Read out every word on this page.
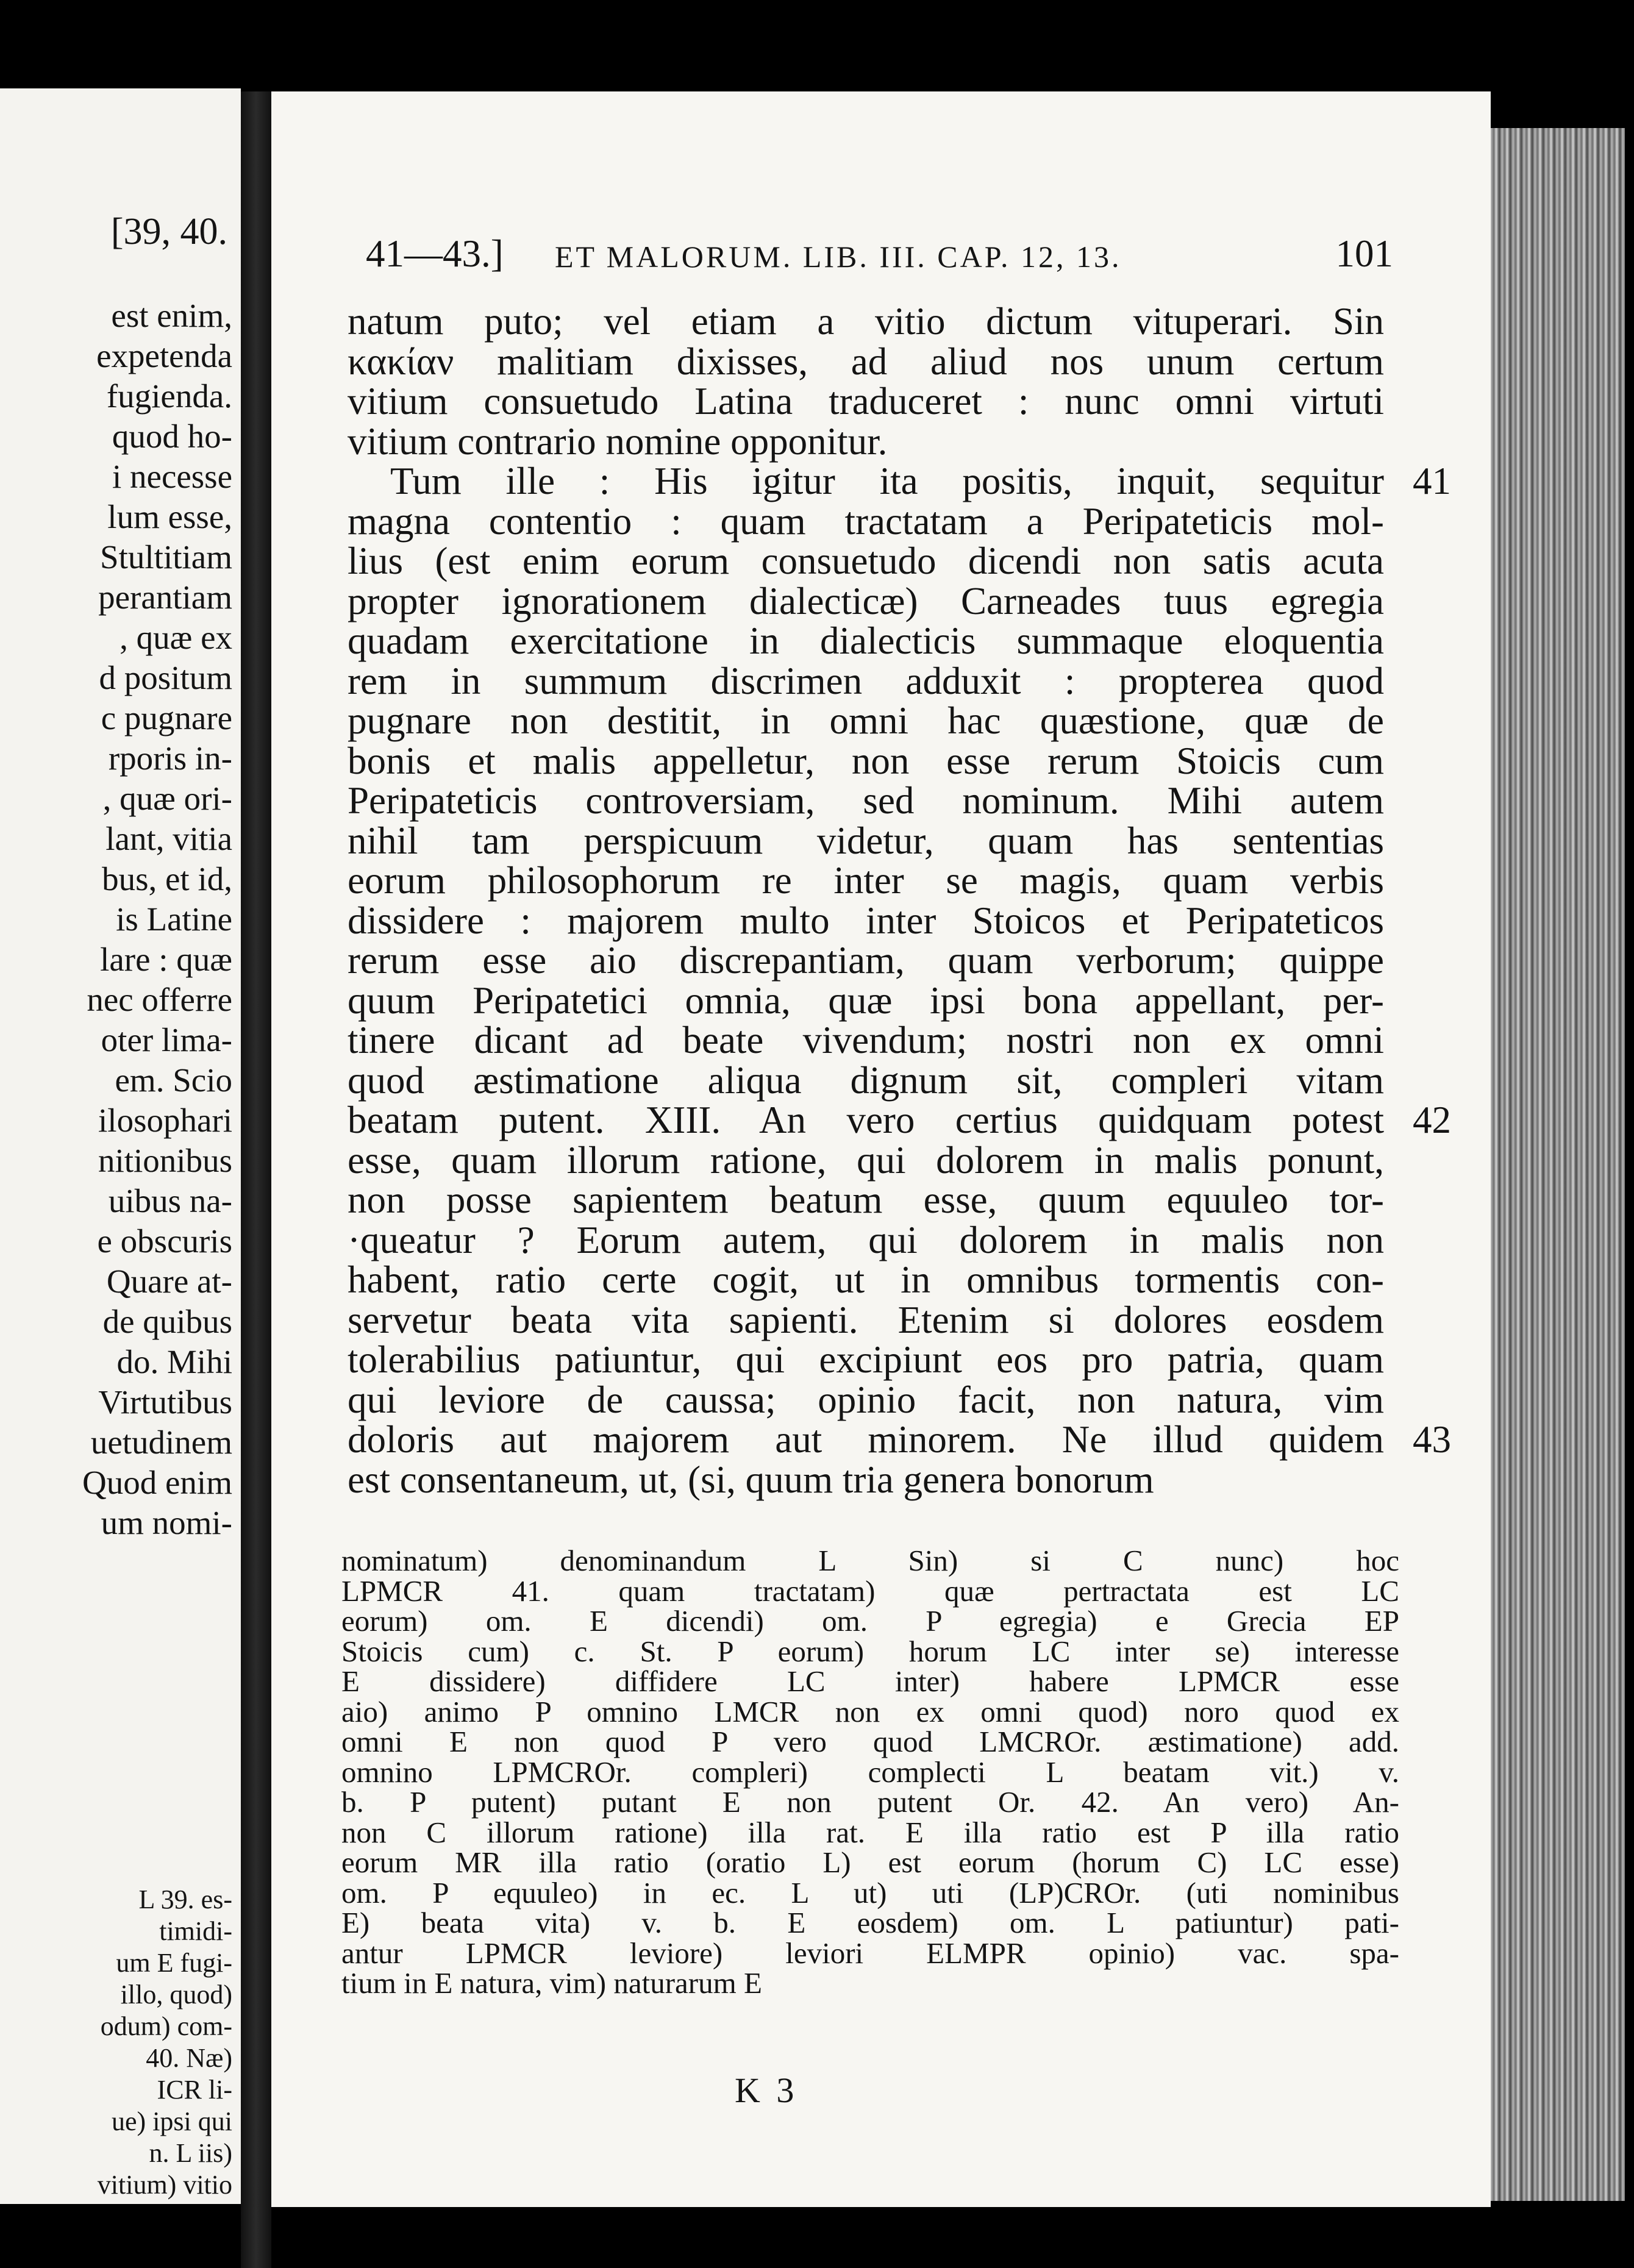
[39, 40.
est enim,
expetenda
fugienda.
quod ho-
i necesse
lum esse,
Stultitiam
perantiam
, quæ ex
d positum
c pugnare
rporis in-
, quæ ori-
lant, vitia
bus, et id,
is Latine
lare : quæ
nec offerre
oter lima-
em. Scio
ilosophari
nitionibus
uibus na-
e obscuris
Quare at-
de quibus
do. Mihi
Virtutibus
uetudinem
Quod enim
um nomi-
L 39. es-
timidi-
um E fugi-
illo, quod)
odum) com-
40. Næ)
ICR li-
ue) ipsi qui
n. L iis)
vitium) vitio
41—43.] ET MALORUM. LIB. III. CAP. 12, 13.	101
natum puto; vel etiam a vitio dictum vituperari. Sin
κακίαν malitiam dixisses, ad aliud nos unum certum
vitium consuetudo Latina traduceret : nunc omni virtuti
vitium contrario nomine opponitur.
Tum ille : His igitur ita positis, inquit, sequitur 41
magna contentio : quam tractatam a Peripateticis mol-
lius (est enim eorum consuetudo dicendi non satis acuta
propter ignorationem dialecticæ) Carneades tuus egregia
quadam exercitatione in dialecticis summaque eloquentia
rem in summum discrimen adduxit : propterea quod
pugnare non destitit, in omni hac quæstione, quæ de
bonis et malis appelletur, non esse rerum Stoicis cum
Peripateticis controversiam, sed nominum. Mihi autem
nihil tam perspicuum videtur, quam has sententias
eorum philosophorum re inter se magis, quam verbis
dissidere : majorem multo inter Stoicos et Peripateticos
rerum esse aio discrepantiam, quam verborum; quippe
quum Peripatetici omnia, quæ ipsi bona appellant, per-
tinere dicant ad beate vivendum; nostri non ex omni
quod æstimatione aliqua dignum sit, compleri vitam
beatam putent. XIII. An vero certius quidquam potest 42
esse, quam illorum ratione, qui dolorem in malis ponunt,
non posse sapientem beatum esse, quum equuleo tor-
·queatur ? Eorum autem, qui dolorem in malis non
habent, ratio certe cogit, ut in omnibus tormentis con-
servetur beata vita sapienti. Etenim si dolores eosdem
tolerabilius patiuntur, qui excipiunt eos pro patria, quam
qui leviore de caussa; opinio facit, non natura, vim
doloris aut majorem aut minorem. Ne illud quidem 43
est consentaneum, ut, (si, quum tria genera bonorum
nominatum) denominandum L Sin) si C nunc) hoc
LPMCR 41. quam tractatam) quæ pertractata est LC
eorum) om. E dicendi) om. P egregia) e Grecia EP
Stoicis cum) c. St. P eorum) horum LC inter se) interesse
E dissidere) diffidere LC inter) habere LPMCR esse
aio) animo P omnino LMCR non ex omni quod) noro quod ex
omni E non quod P vero quod LMCROr. æstimatione) add.
omnino LPMCROr. compleri) complecti L beatam vit.) v.
b. P putent) putant E non putent Or. 42. An vero) An-
non C illorum ratione) illa rat. E illa ratio est P illa ratio
eorum MR illa ratio (oratio L) est eorum (horum C) LC esse)
om. P equuleo) in ec. L ut) uti (LP)CROr. (uti nominibus
E) beata vita) v. b. E eosdem) om. L patiuntur) pati-
antur LPMCR leviore) leviori ELMPR opinio) vac. spa-
tium in E natura, vim) naturarum E
K 3
